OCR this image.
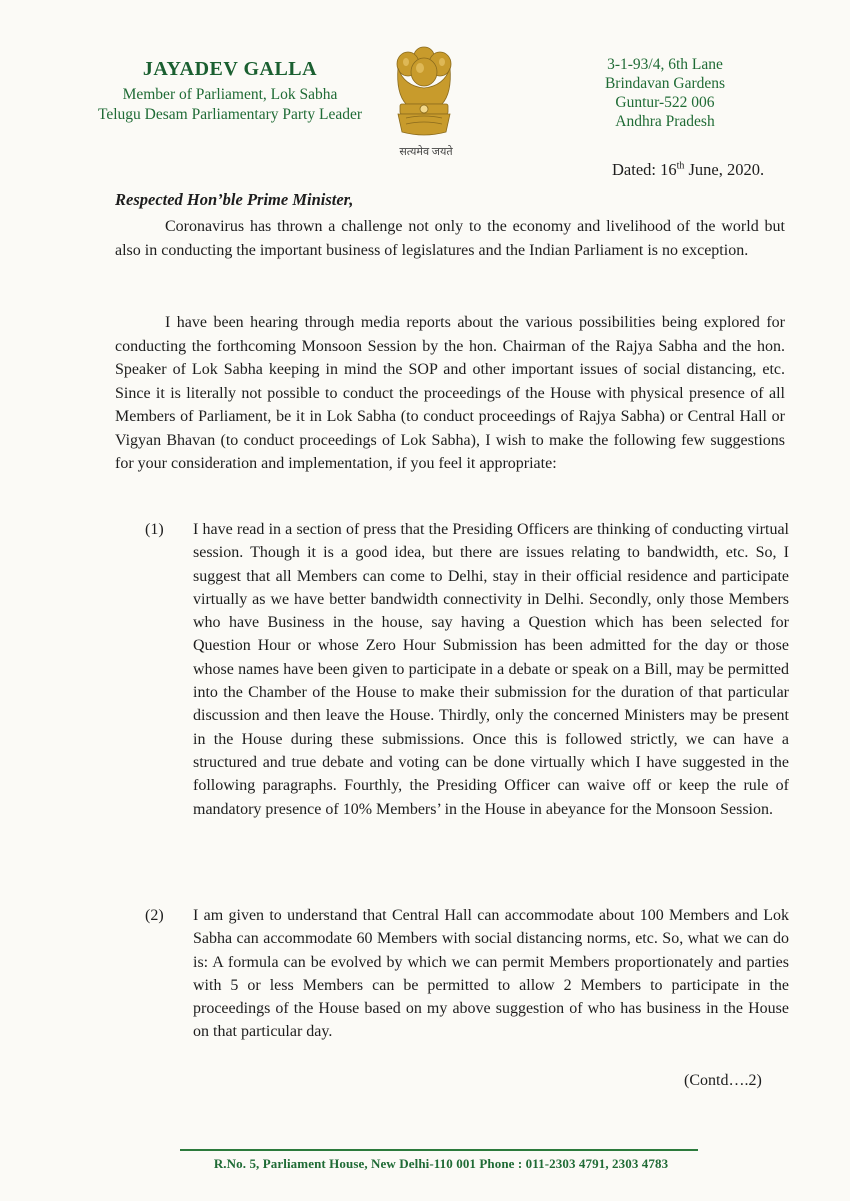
JAYADEV GALLA
Member of Parliament, Lok Sabha
Telugu Desam Parliamentary Party Leader
सत्यमेव जयते
3-1-93/4, 6th Lane
Brindavan Gardens
Guntur-522 006
Andhra Pradesh
Dated: 16th June, 2020.
Respected Hon’ble Prime Minister,

Coronavirus has thrown a challenge not only to the economy and livelihood of the world but also in conducting the important business of legislatures and the Indian Parliament is no exception.

I have been hearing through media reports about the various possibilities being explored for conducting the forthcoming Monsoon Session by the hon. Chairman of the Rajya Sabha and the hon. Speaker of Lok Sabha keeping in mind the SOP and other important issues of social distancing, etc. Since it is literally not possible to conduct the proceedings of the House with physical presence of all Members of Parliament, be it in Lok Sabha (to conduct proceedings of Rajya Sabha) or Central Hall or Vigyan Bhavan (to conduct proceedings of Lok Sabha), I wish to make the following few suggestions for your consideration and implementation, if you feel it appropriate:

(1) I have read in a section of press that the Presiding Officers are thinking of conducting virtual session. Though it is a good idea, but there are issues relating to bandwidth, etc. So, I suggest that all Members can come to Delhi, stay in their official residence and participate virtually as we have better bandwidth connectivity in Delhi. Secondly, only those Members who have Business in the house, say having a Question which has been selected for Question Hour or whose Zero Hour Submission has been admitted for the day or those whose names have been given to participate in a debate or speak on a Bill, may be permitted into the Chamber of the House to make their submission for the duration of that particular discussion and then leave the House. Thirdly, only the concerned Ministers may be present in the House during these submissions. Once this is followed strictly, we can have a structured and true debate and voting can be done virtually which I have suggested in the following paragraphs. Fourthly, the Presiding Officer can waive off or keep the rule of mandatory presence of 10% Members’ in the House in abeyance for the Monsoon Session.
(2) I am given to understand that Central Hall can accommodate about 100 Members and Lok Sabha can accommodate 60 Members with social distancing norms, etc. So, what we can do is: A formula can be evolved by which we can permit Members proportionately and parties with 5 or less Members can be permitted to allow 2 Members to participate in the proceedings of the House based on my above suggestion of who has business in the House on that particular day.
(Contd….2)
R.No. 5, Parliament House, New Delhi-110 001 Phone : 011-2303 4791, 2303 4783
